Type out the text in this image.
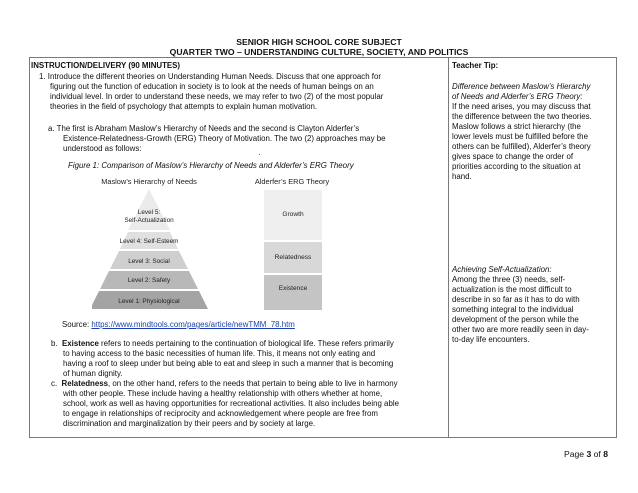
SENIOR HIGH SCHOOL CORE SUBJECT
QUARTER TWO – UNDERSTANDING CULTURE, SOCIETY, AND POLITICS
INSTRUCTION/DELIVERY (90 MINUTES)
1. Introduce the different theories on Understanding Human Needs. Discuss that one approach for
figuring out the function of education in society is to look at the needs of human beings on an
individual level. In order to understand these needs, we may refer to two (2) of the most popular
theories in the field of psychology that attempts to explain human motivation.
a. The first is Abraham Maslow’s Hierarchy of Needs and the second is Clayton Alderfer’s
Existence-Relatedness-Growth (ERG) Theory of Motivation. The two (2) approaches may be
understood as follows:
·
Figure 1: Comparison of Maslow’s Hierarchy of Needs and Alderfer’s ERG Theory
Maslow’s Hierarchy of Needs	Alderfer’s ERG Theory
Level 5:
Self-Actualization
Level 4: Self-Esteem
Level 3: Social
Level 2: Safety
Level 1: Physiological
Growth
Relatedness
Existence
Source: https://www.mindtools.com/pages/article/newTMM_78.htm
b. Existence refers to needs pertaining to the continuation of biological life. These refers primarily
to having access to the basic necessities of human life. This, it means not only eating and
having a roof to sleep under but being able to eat and sleep in such a manner that is becoming
of human dignity.
c. Relatedness, on the other hand, refers to the needs that pertain to being able to live in harmony
with other people. These include having a healthy relationship with others whether at home,
school, work as well as having opportunities for recreational activities. It also includes being able
to engage in relationships of reciprocity and acknowledgement where people are free from
discrimination and marginalization by their peers and by society at large.
Teacher Tip:
Difference between Maslow’s Hierarchy
of Needs and Alderfer’s ERG Theory:
If the need arises, you may discuss that
the difference between the two theories.
Maslow follows a strict hierarchy (the
lower levels must be fulfilled before the
others can be fulfilled), Alderfer’s theory
gives space to change the order of
priorities according to the situation at
hand.
Achieving Self-Actualization:
Among the three (3) needs, self-
actualization is the most difficult to
describe in so far as it has to do with
something integral to the individual
development of the person while the
other two are more readily seen in day-
to-day life encounters.
Page 3 of 8
